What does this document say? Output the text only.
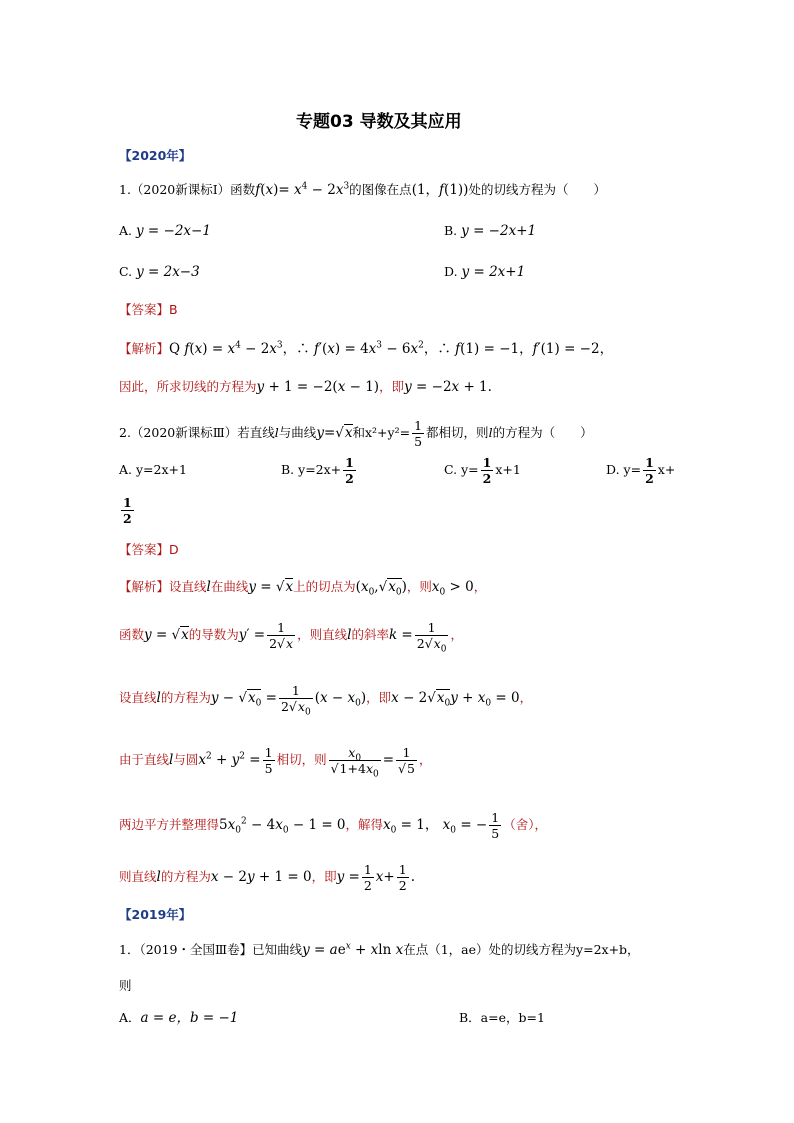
专题03 导数及其应用
【2020年】
1.（2020新课标Ⅰ）函数$f(x)= x^4 - 2x^3$的图像在点(1，f(1))处的切线方程为（　　）
A. y = −2x−1	B. y = −2x+1
C. y = 2x−3	D. y = 2x+1
【答案】B
【解析】Q $f(x) = x^4 - 2x^3$，∴ $f'(x) = 4x^3 - 6x^2$，∴ f(1) = −1，f′(1) = −2，
因此，所求切线的方程为y + 1 = −2(x − 1)，即y = −2x + 1.
2.（2020新课标Ⅲ）若直线l与曲线y=√x和$x^2+y^2= \frac{1}{5}$ 都相切，则l的方程为（　　）
A. y=2x+1	B. $y=2x+ \frac{1}{2}$	C. $y= \frac{1}{2} x+1$	D. $y= \frac{1}{2} x+$
$\frac{1}{2}$
【答案】D
【解析】设直线l在曲线y = √x上的切点为$(x_0,√x_0)$，则$x_0 > 0$，
函数y = √x的导数为$y' = \frac{1}{2√x}$ ，则直线l的斜率$k = \frac{1}{2√x_0}$ ，
设直线l的方程为$y - √x_0 = \frac{1}{2√x_0} (x - x_0)$，即$x - 2√x_0y + x_0 = 0$，
由于直线l与圆$x^2 + y^2 = \frac{1}{5}$ 相切，则 $\frac{x_0}{√1+4x_0} = \frac{1}{√5}$ ，
两边平方并整理得$5x_0^2 - 4x_0 - 1 = 0$，解得$x_0 = 1$， $x_0$ = − $\frac{1}{5}$ （舍），
则直线l的方程为x − 2y + 1 = 0，即$y = \frac{1}{2} x+ \frac{1}{2}$ .
【2019年】
1．（2019・全国Ⅲ卷】已知曲线$y = ae^x + xln$ x在点（1，ae）处的切线方程为y=2x+b，
则
A．a = e，b = −1	B．a=e，b=1
